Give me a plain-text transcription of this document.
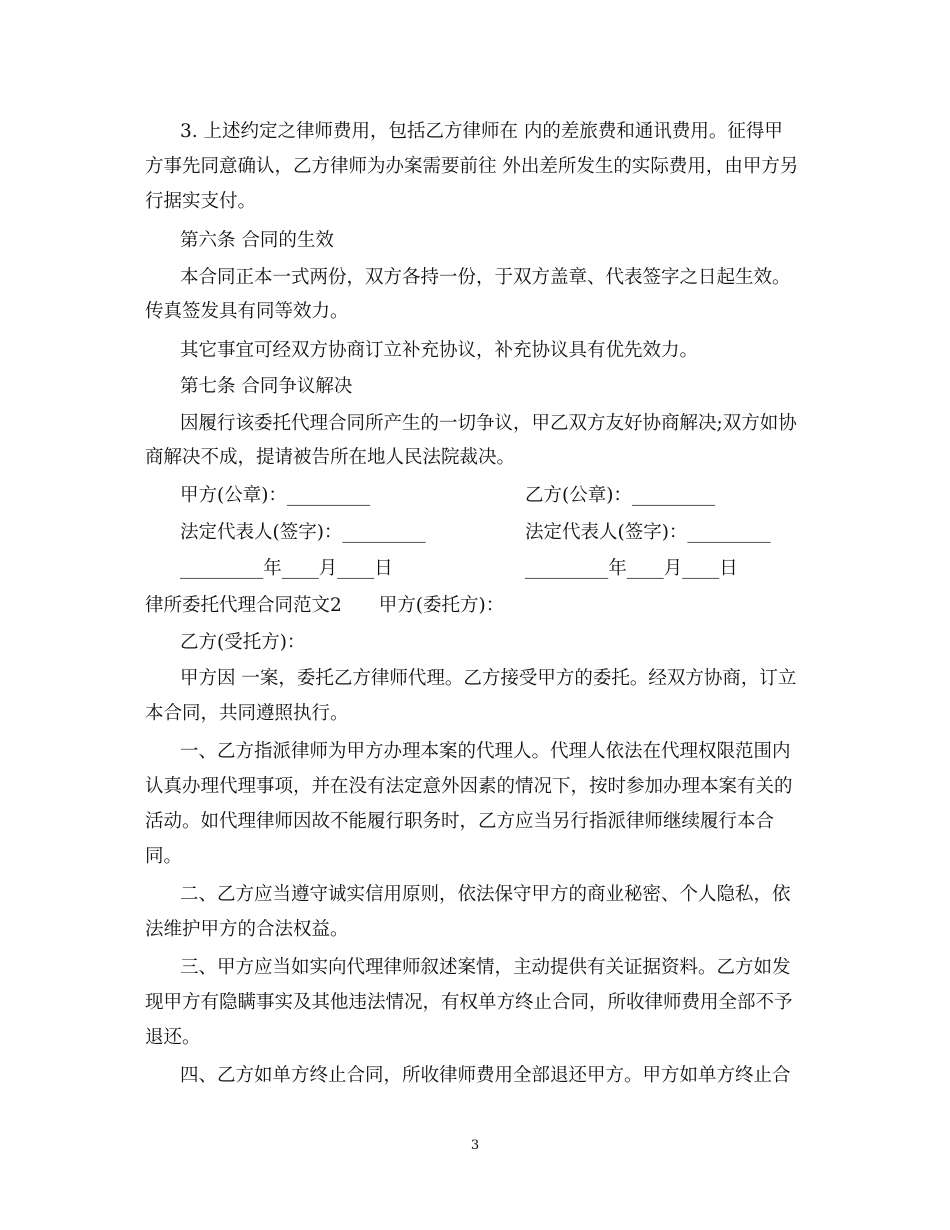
3. 上述约定之律师费用，包括乙方律师在 内的差旅费和通讯费用。征得甲
方事先同意确认，乙方律师为办案需要前往 外出差所发生的实际费用，由甲方另
行据实支付。
第六条 合同的生效
本合同正本一式两份，双方各持一份，于双方盖章、代表签字之日起生效。
传真签发具有同等效力。
其它事宜可经双方协商订立补充协议，补充协议具有优先效力。
第七条 合同争议解决
因履行该委托代理合同所产生的一切争议，甲乙双方友好协商解决;双方如协
商解决不成，提请被告所在地人民法院裁决。
甲方(公章)：_________	乙方(公章)：_________
法定代表人(签字)：_________	法定代表人(签字)：_________
_________年____月____日	_________年____月____日
律所委托代理合同范文2　　甲方(委托方)：
乙方(受托方)：
甲方因 一案，委托乙方律师代理。乙方接受甲方的委托。经双方协商，订立
本合同，共同遵照执行。
一、乙方指派律师为甲方办理本案的代理人。代理人依法在代理权限范围内
认真办理代理事项，并在没有法定意外因素的情况下，按时参加办理本案有关的
活动。如代理律师因故不能履行职务时，乙方应当另行指派律师继续履行本合
同。
二、乙方应当遵守诚实信用原则，依法保守甲方的商业秘密、个人隐私，依
法维护甲方的合法权益。
三、甲方应当如实向代理律师叙述案情，主动提供有关证据资料。乙方如发
现甲方有隐瞒事实及其他违法情况，有权单方终止合同，所收律师费用全部不予
退还。
四、乙方如单方终止合同，所收律师费用全部退还甲方。甲方如单方终止合
3
